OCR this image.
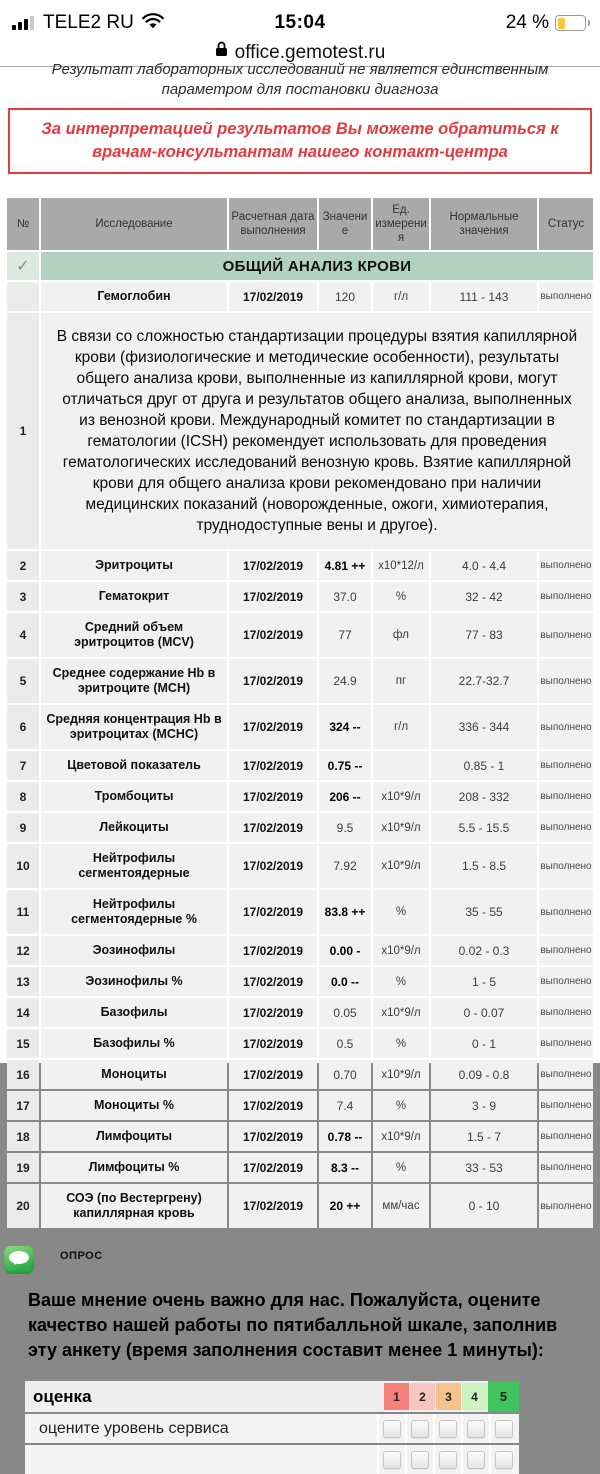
TELE2 RU	15:04	24 %
office.gemotest.ru

Результат лабораторных исследований не является единственным параметром для постановки диагноза

За интерпретацией результатов Вы можете обратиться к врачам-консультантам нашего контакт-центра

№	Исследование	Расчетная дата выполнения	Значение	Ед. измерения	Нормальные значения	Статус
✓	ОБЩИЙ АНАЛИЗ КРОВИ					
	Гемоглобин	17/02/2019	120	г/л	111 - 143	выполнено
1	В связи со сложностью стандартизации процедуры взятия капиллярной крови (физиологические и методические особенности), результаты общего анализа крови, выполненные из капиллярной крови, могут отличаться друг от друга и результатов общего анализа, выполненных из венозной крови. Международный комитет по стандартизации в гематологии (ICSH) рекомендует использовать для проведения гематологических исследований венозную кровь. Взятие капиллярной крови для общего анализа крови рекомендовано при наличии медицинских показаний (новорожденные, ожоги, химиотерапия, труднодоступные вены и другое).					
2	Эритроциты	17/02/2019	4.81 ++	x10*12/л	4.0 - 4.4	выполнено
3	Гематокрит	17/02/2019	37.0	%	32 - 42	выполнено
4	Средний объем эритроцитов (MCV)	17/02/2019	77	фл	77 - 83	выполнено
5	Среднее содержание Hb в эритроците (MCH)	17/02/2019	24.9	пг	22.7-32.7	выполнено
6	Средняя концентрация Hb в эритроцитах (MCHC)	17/02/2019	324 --	г/л	336 - 344	выполнено
7	Цветовой показатель	17/02/2019	0.75 --		0.85 - 1	выполнено
8	Тромбоциты	17/02/2019	206 --	x10*9/л	208 - 332	выполнено
9	Лейкоциты	17/02/2019	9.5	x10*9/л	5.5 - 15.5	выполнено
10	Нейтрофилы сегментоядерные	17/02/2019	7.92	x10*9/л	1.5 - 8.5	выполнено
11	Нейтрофилы сегментоядерные %	17/02/2019	83.8 ++	%	35 - 55	выполнено
12	Эозинофилы	17/02/2019	0.00 -	x10*9/л	0.02 - 0.3	выполнено
13	Эозинофилы %	17/02/2019	0.0 --	%	1 - 5	выполнено
14	Базофилы	17/02/2019	0.05	x10*9/л	0 - 0.07	выполнено
15	Базофилы %	17/02/2019	0.5	%	0 - 1	выполнено
16	Моноциты	17/02/2019	0.70	x10*9/л	0.09 - 0.8	выполнено
17	Моноциты %	17/02/2019	7.4	%	3 - 9	выполнено
18	Лимфоциты	17/02/2019	0.78 --	x10*9/л	1.5 - 7	выполнено
19	Лимфоциты %	17/02/2019	8.3 --	%	33 - 53	выполнено
20	СОЭ (по Вестергрену) капиллярная кровь	17/02/2019	20 ++	мм/час	0 - 10	выполнено
ОПРОС

Ваше мнение очень важно для нас. Пожалуйста, оцените качество нашей работы по пятибалльной шкале, заполнив эту анкету (время заполнения составит менее 1 минуты):

оценка	1	2	3	4	5
оцените уровень сервиса
